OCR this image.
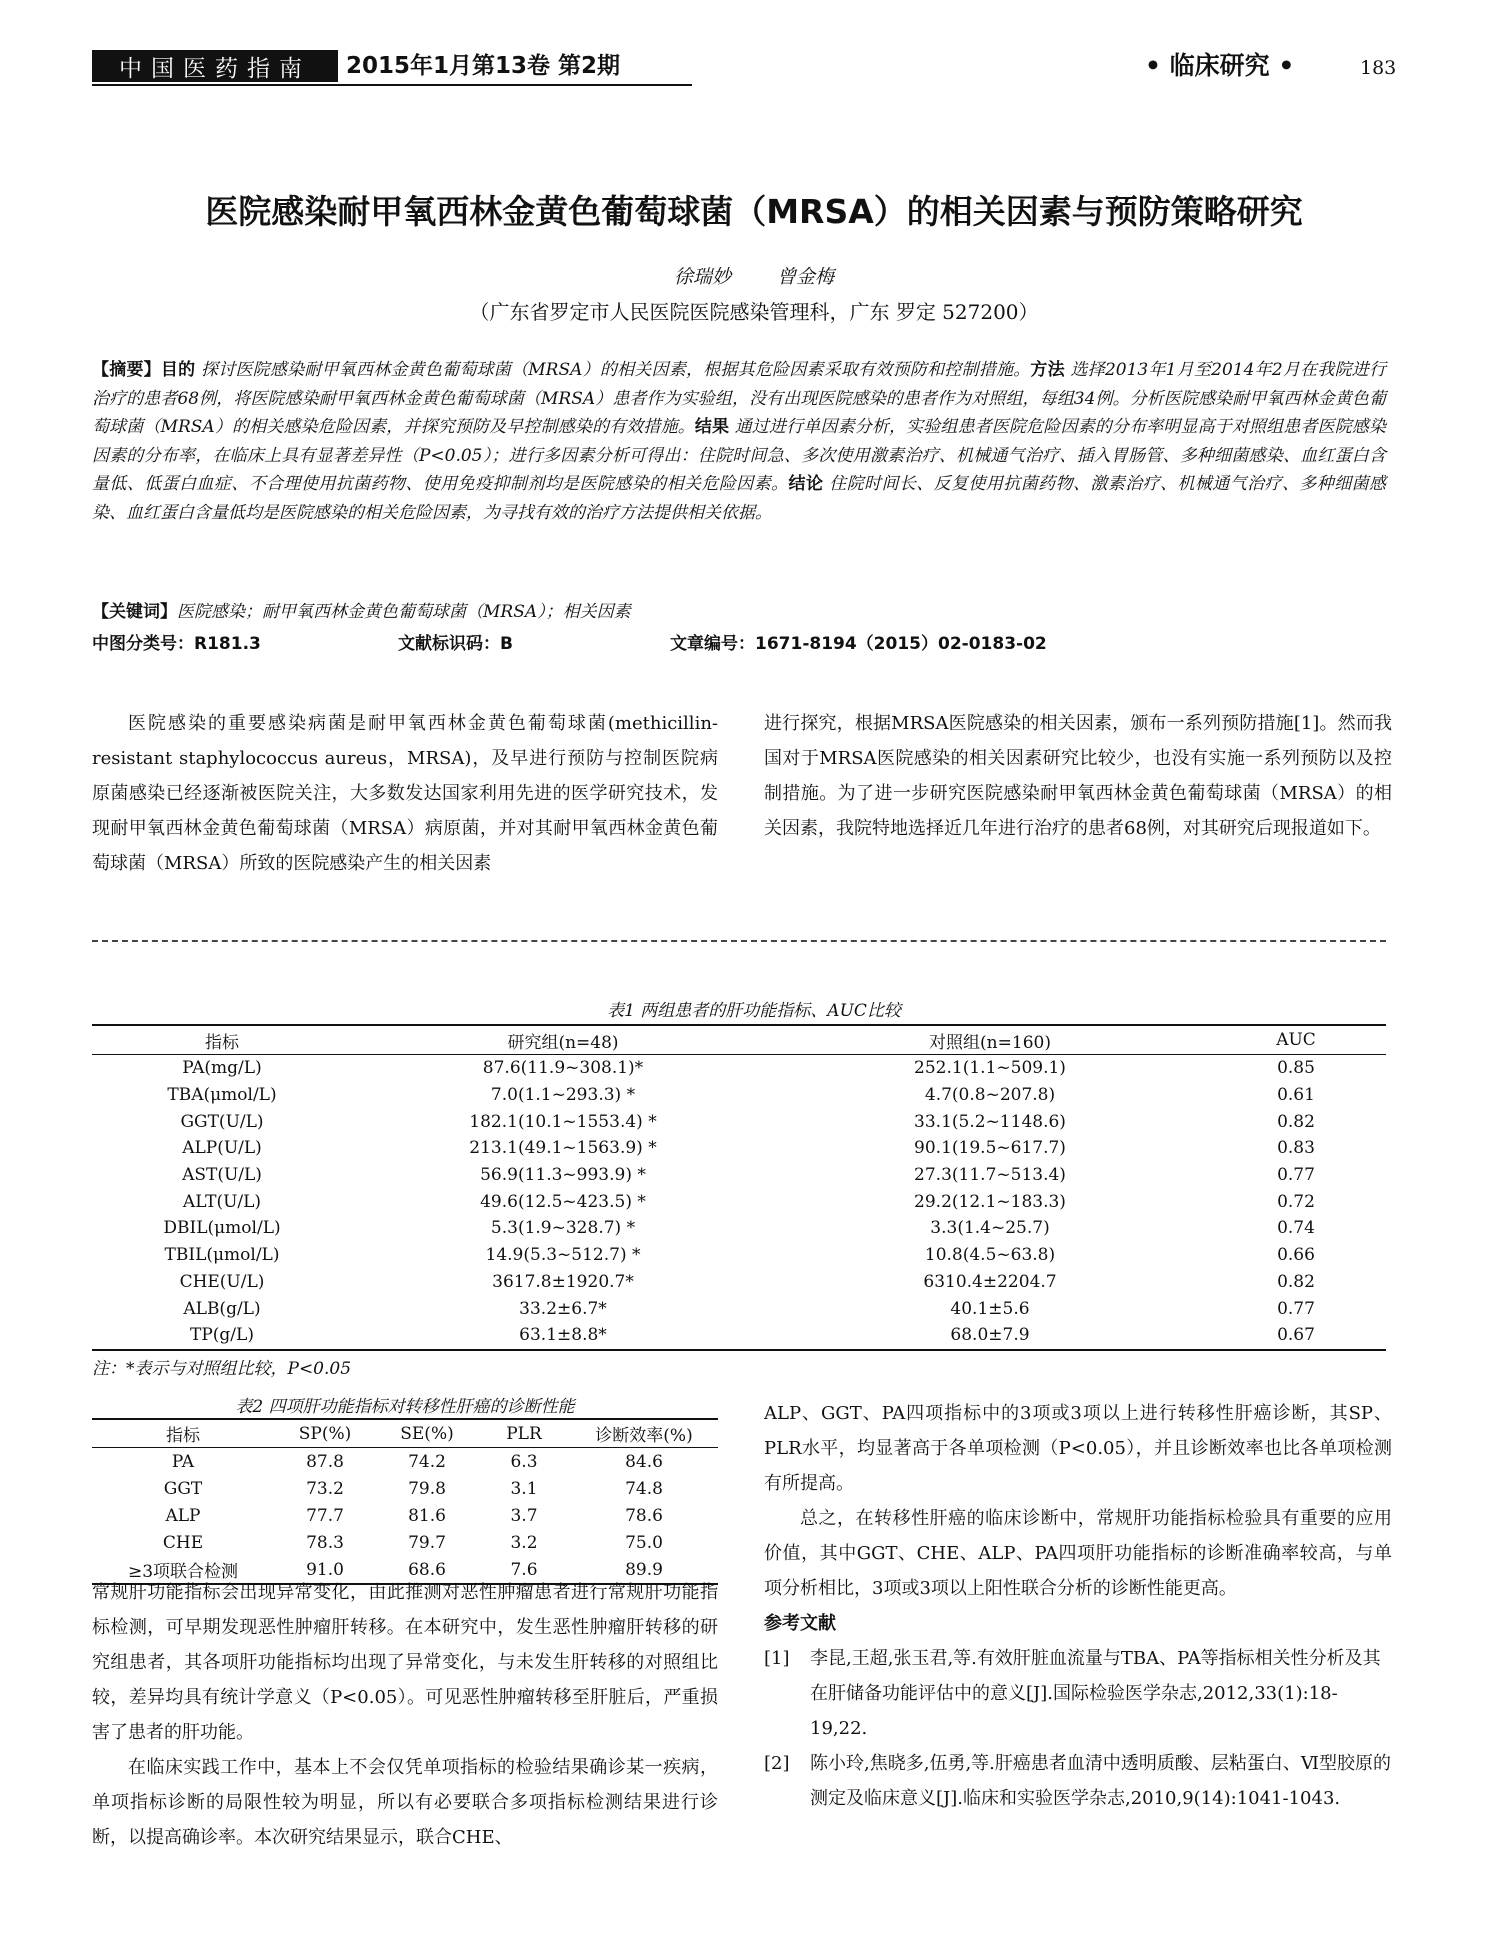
中国医药指南	2015年1月第13卷 第2期	• 临床研究 •	183
医院感染耐甲氧西林金黄色葡萄球菌（MRSA）的相关因素与预防策略研究
徐瑞妙 曾金梅
（广东省罗定市人民医院医院感染管理科，广东 罗定 527200）
【摘要】目的 探讨医院感染耐甲氧西林金黄色葡萄球菌（MRSA）的相关因素，根据其危险因素采取有效预防和控制措施。方法 选择2013年1月至2014年2月在我院进行治疗的患者68例，将医院感染耐甲氧西林金黄色葡萄球菌（MRSA）患者作为实验组，没有出现医院感染的患者作为对照组，每组34例。分析医院感染耐甲氧西林金黄色葡萄球菌（MRSA）的相关感染危险因素，并探究预防及早控制感染的有效措施。结果 通过进行单因素分析，实验组患者医院危险因素的分布率明显高于对照组患者医院感染因素的分布率，在临床上具有显著差异性（P<0.05）；进行多因素分析可得出：住院时间急、多次使用激素治疗、机械通气治疗、插入胃肠管、多种细菌感染、血红蛋白含量低、低蛋白血症、不合理使用抗菌药物、使用免疫抑制剂均是医院感染的相关危险因素。结论 住院时间长、反复使用抗菌药物、激素治疗、机械通气治疗、多种细菌感染、血红蛋白含量低均是医院感染的相关危险因素，为寻找有效的治疗方法提供相关依据。
【关键词】医院感染；耐甲氧西林金黄色葡萄球菌（MRSA）；相关因素
中图分类号：R181.3	文献标识码：B	文章编号：1671-8194（2015）02-0183-02
医院感染的重要感染病菌是耐甲氧西林金黄色葡萄球菌(methicillin-resistant staphylococcus aureus，MRSA)，及早进行预防与控制医院病原菌感染已经逐渐被医院关注，大多数发达国家利用先进的医学研究技术，发现耐甲氧西林金黄色葡萄球菌（MRSA）病原菌，并对其耐甲氧西林金黄色葡萄球菌（MRSA）所致的医院感染产生的相关因素
进行探究，根据MRSA医院感染的相关因素，颁布一系列预防措施[1]。然而我国对于MRSA医院感染的相关因素研究比较少，也没有实施一系列预防以及控制措施。为了进一步研究医院感染耐甲氧西林金黄色葡萄球菌（MRSA）的相关因素，我院特地选择近几年进行治疗的患者68例，对其研究后现报道如下。
表1 两组患者的肝功能指标、AUC比较
指标	研究组(n=48)	对照组(n=160)	AUC
PA(mg/L)	87.6(11.9~308.1)*	252.1(1.1~509.1)	0.85
TBA(μmol/L)	7.0(1.1~293.3) *	4.7(0.8~207.8)	0.61
GGT(U/L)	182.1(10.1~1553.4) *	33.1(5.2~1148.6)	0.82
ALP(U/L)	213.1(49.1~1563.9) *	90.1(19.5~617.7)	0.83
AST(U/L)	56.9(11.3~993.9) *	27.3(11.7~513.4)	0.77
ALT(U/L)	49.6(12.5~423.5) *	29.2(12.1~183.3)	0.72
DBIL(μmol/L)	5.3(1.9~328.7) *	3.3(1.4~25.7)	0.74
TBIL(μmol/L)	14.9(5.3~512.7) *	10.8(4.5~63.8)	0.66
CHE(U/L)	3617.8±1920.7*	6310.4±2204.7	0.82
ALB(g/L)	33.2±6.7*	40.1±5.6	0.77
TP(g/L)	63.1±8.8*	68.0±7.9	0.67
注：*表示与对照组比较，P<0.05
表2 四项肝功能指标对转移性肝癌的诊断性能
指标	SP(%)	SE(%)	PLR	诊断效率(%)
PA	87.8	74.2	6.3	84.6
GGT	73.2	79.8	3.1	74.8
ALP	77.7	81.6	3.7	78.6
CHE	78.3	79.7	3.2	75.0
≥3项联合检测	91.0	68.6	7.6	89.9

常规肝功能指标会出现异常变化，由此推测对恶性肿瘤患者进行常规肝功能指标检测，可早期发现恶性肿瘤肝转移。在本研究中，发生恶性肿瘤肝转移的研究组患者，其各项肝功能指标均出现了异常变化，与未发生肝转移的对照组比较，差异均具有统计学意义（P<0.05）。可见恶性肿瘤转移至肝脏后，严重损害了患者的肝功能。

在临床实践工作中，基本上不会仅凭单项指标的检验结果确诊某一疾病，单项指标诊断的局限性较为明显，所以有必要联合多项指标检测结果进行诊断，以提高确诊率。本次研究结果显示，联合CHE、

ALP、GGT、PA四项指标中的3项或3项以上进行转移性肝癌诊断，其SP、PLR水平，均显著高于各单项检测（P<0.05），并且诊断效率也比各单项检测有所提高。

总之，在转移性肝癌的临床诊断中，常规肝功能指标检验具有重要的应用价值，其中GGT、CHE、ALP、PA四项肝功能指标的诊断准确率较高，与单项分析相比，3项或3项以上阳性联合分析的诊断性能更高。

参考文献

[1]	李昆,王超,张玉君,等.有效肝脏血流量与TBA、PA等指标相关性分析及其在肝储备功能评估中的意义[J].国际检验医学杂志,2012,33(1):18-19,22.
[2]	陈小玲,焦晓多,伍勇,等.肝癌患者血清中透明质酸、层粘蛋白、Ⅵ型胶原的测定及临床意义[J].临床和实验医学杂志,2010,9(14):1041-1043.
